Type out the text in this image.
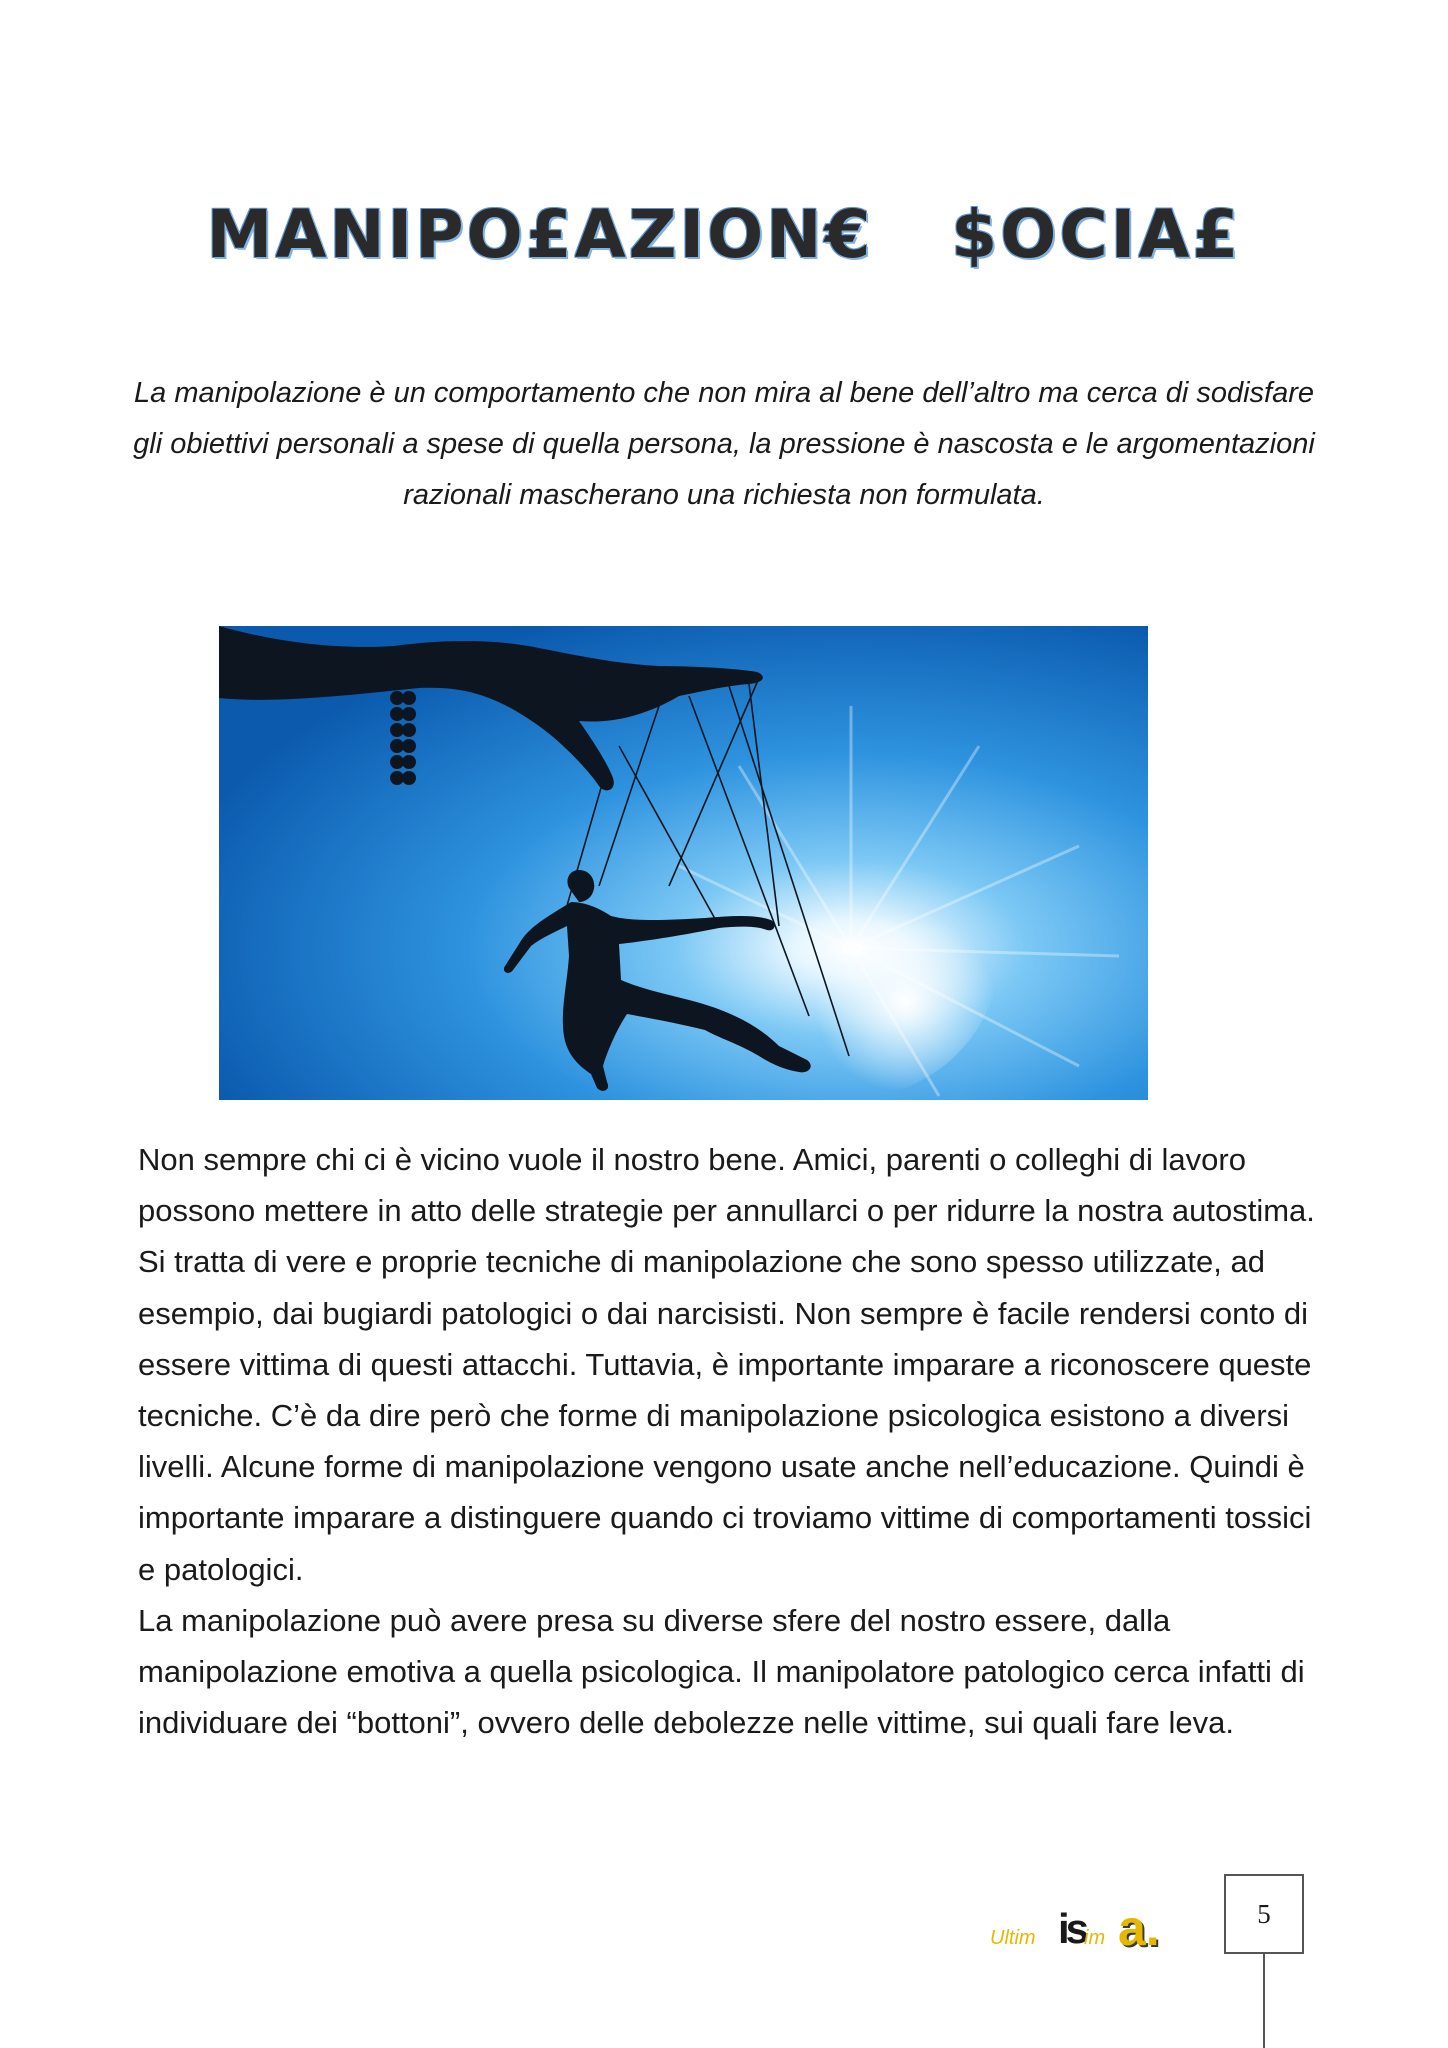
MANIPO£AZION€   $OCIA£
La manipolazione è un comportamento che non mira al bene dell’altro ma cerca di sodisfare gli obiettivi personali a spese di quella persona, la pressione è nascosta e le argomentazioni razionali mascherano una richiesta non formulata.

Non sempre chi ci è vicino vuole il nostro bene. Amici, parenti o colleghi di lavoro possono mettere in atto delle strategie per annullarci o per ridurre la nostra autostima. Si tratta di vere e proprie tecniche di manipolazione che sono spesso utilizzate, ad esempio, dai bugiardi patologici o dai narcisisti. Non sempre è facile rendersi conto di essere vittima di questi attacchi. Tuttavia, è importante imparare a riconoscere queste tecniche. C’è da dire però che forme di manipolazione psicologica esistono a diversi livelli. Alcune forme di manipolazione vengono usate anche nell’educazione. Quindi è importante imparare a distinguere quando ci troviamo vittime di comportamenti tossici e patologici.

La manipolazione può avere presa su diverse sfere del nostro essere, dalla manipolazione emotiva a quella psicologica. Il manipolatore patologico cerca infatti di individuare dei “bottoni”, ovvero delle debolezze nelle vittime, sui quali fare leva.

Ultim is
im a.	5
